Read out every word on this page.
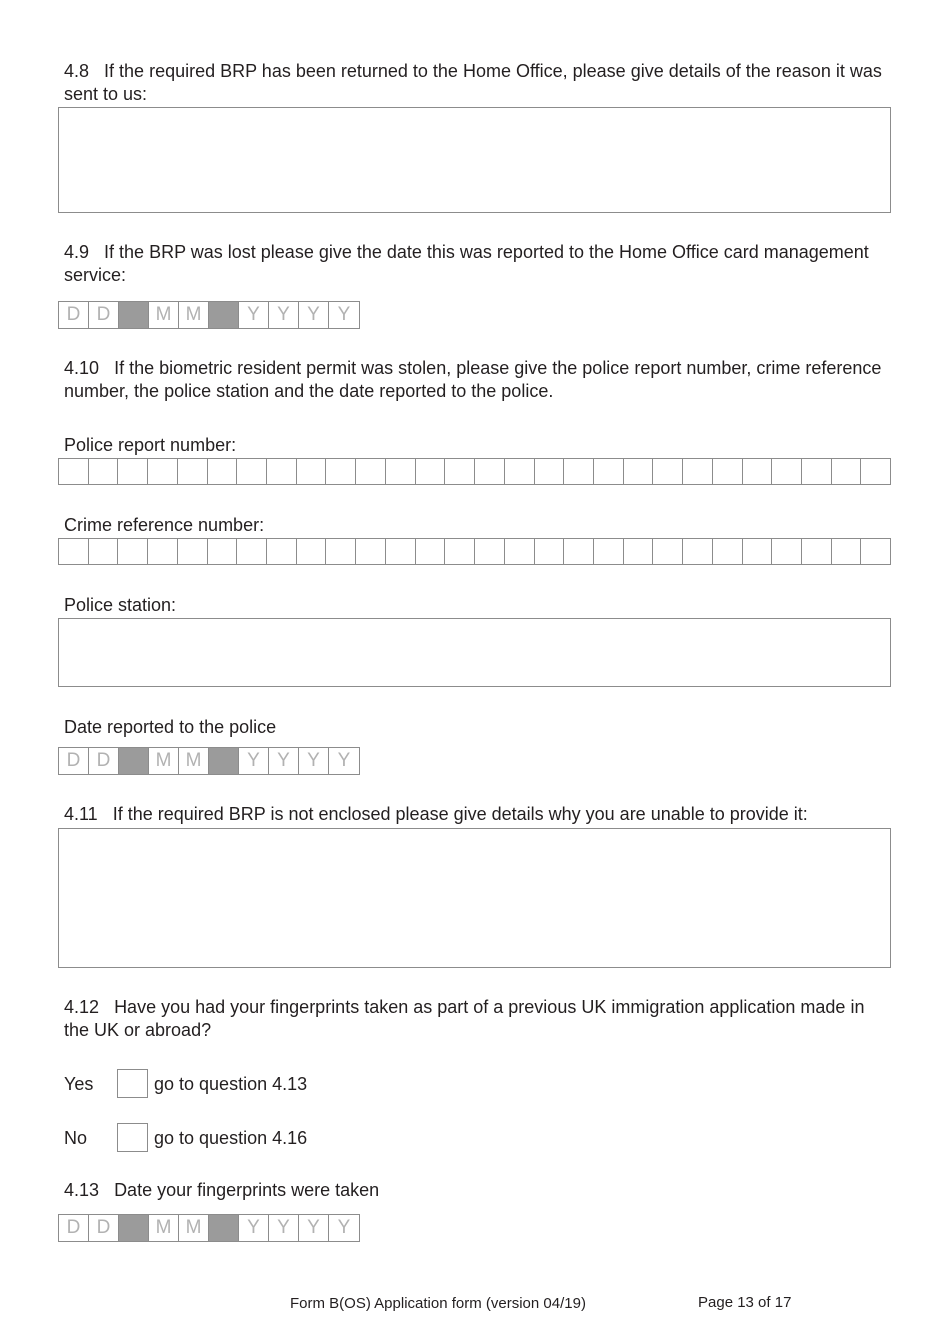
4.8 If the required BRP has been returned to the Home Office, please give details of the reason it was sent to us:
4.9 If the BRP was lost please give the date this was reported to the Home Office card management service:
D D	M M	Y Y Y Y
4.10 If the biometric resident permit was stolen, please give the police report number, crime reference number, the police station and the date reported to the police.
Police report number:
Crime reference number:
Police station:
Date reported to the police
D D	M M	Y Y Y Y
4.11 If the required BRP is not enclosed please give details why you are unable to provide it:
4.12 Have you had your fingerprints taken as part of a previous UK immigration application made in the UK or abroad?
Yes	go to question 4.13
No	go to question 4.16
4.13 Date your fingerprints were taken
D D	M M	Y Y Y Y
Form B(OS) Application form (version 04/19)	Page 13 of 17
